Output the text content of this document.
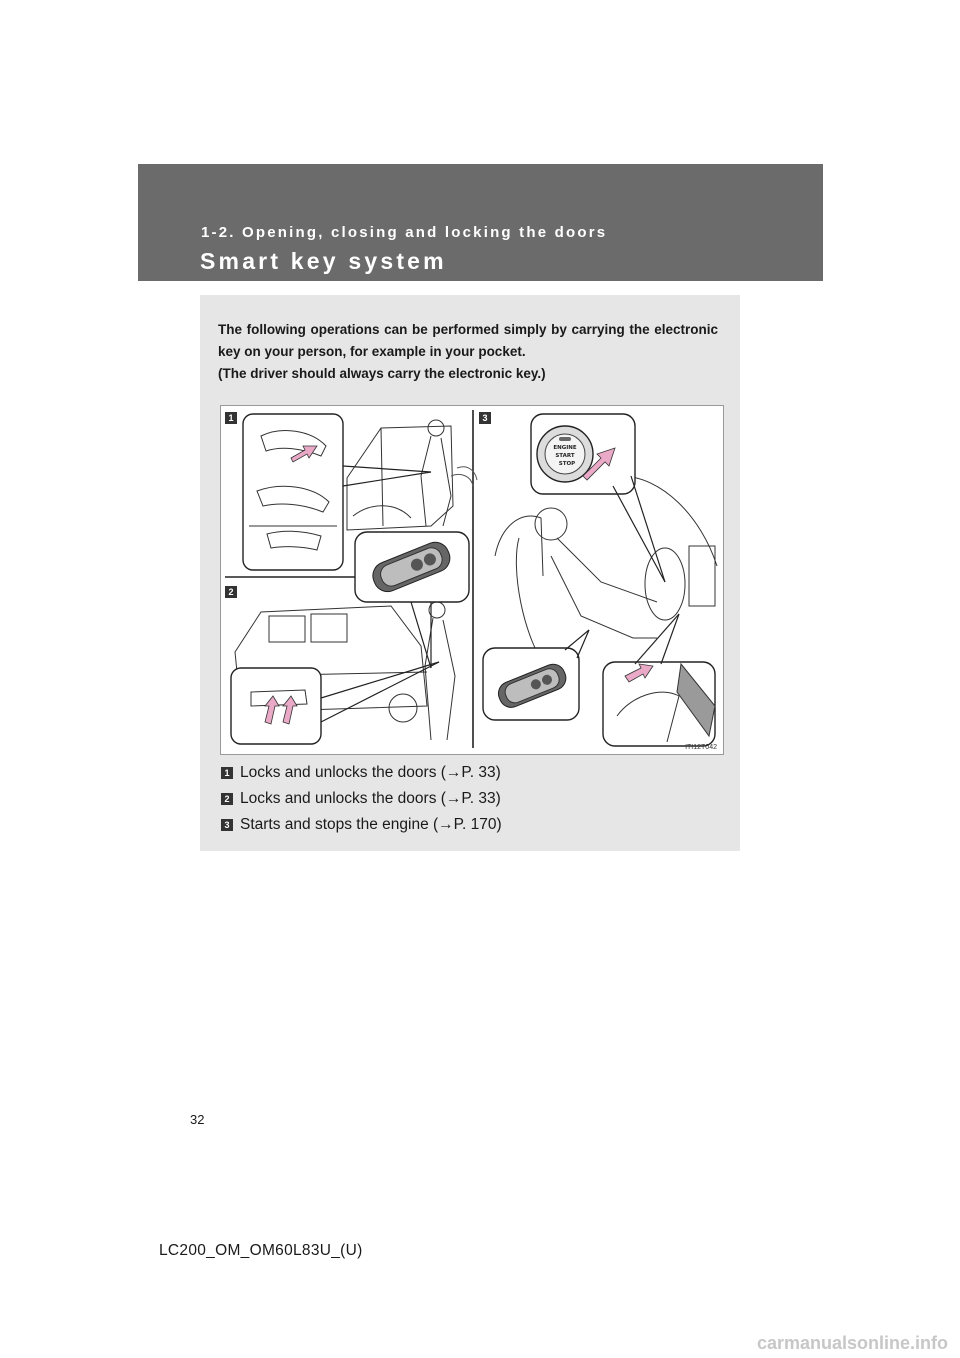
1-2. Opening, closing and locking the doors
Smart key system

The following operations can be performed simply by carrying the electronic key on your person, for example in your pocket.

(The driver should always carry the electronic key.)

ENGINE
START
STOP
1
2
3
ITI12T042
1 Locks and unlocks the doors (→P. 33)
2 Locks and unlocks the doors (→P. 33)
3 Starts and stops the engine (→P. 170)
32
LC200_OM_OM60L83U_(U)
carmanualsonline.info
